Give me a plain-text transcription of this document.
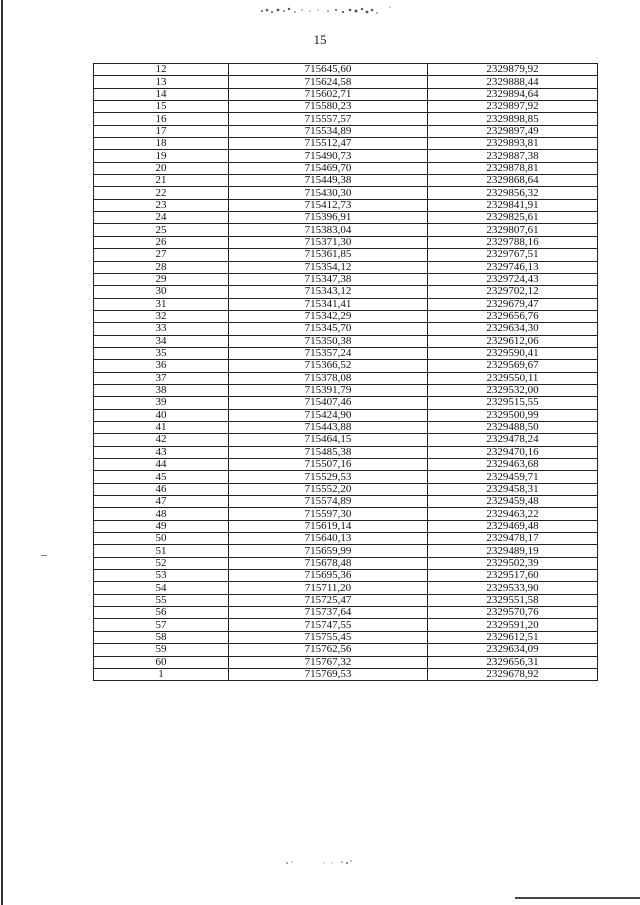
15
12	715645,60	2329879,92
13	715624,58	2329888,44
14	715602,71	2329894,64
15	715580,23	2329897,92
16	715557,57	2329898,85
17	715534,89	2329897,49
18	715512,47	2329893,81
19	715490,73	2329887,38
20	715469,70	2329878,81
21	715449,38	2329868,64
22	715430,30	2329856,32
23	715412,73	2329841,91
24	715396,91	2329825,61
25	715383,04	2329807,61
26	715371,30	2329788,16
27	715361,85	2329767,51
28	715354,12	2329746,13
29	715347,38	2329724,43
30	715343,12	2329702,12
31	715341,41	2329679,47
32	715342,29	2329656,76
33	715345,70	2329634,30
34	715350,38	2329612,06
35	715357,24	2329590,41
36	715366,52	2329569,67
37	715378,08	2329550,11
38	715391,79	2329532,00
39	715407,46	2329515,55
40	715424,90	2329500,99
41	715443,88	2329488,50
42	715464,15	2329478,24
43	715485,38	2329470,16
44	715507,16	2329463,68
45	715529,53	2329459,71
46	715552,20	2329458,31
47	715574,89	2329459,48
48	715597,30	2329463,22
49	715619,14	2329469,48
50	715640,13	2329478,17
51	715659,99	2329489,19
52	715678,48	2329502,39
53	715695,36	2329517,60
54	715711,20	2329533,90
55	715725,47	2329551,58
56	715737,64	2329570,76
57	715747,55	2329591,20
58	715755,45	2329612,51
59	715762,56	2329634,09
60	715767,32	2329656,31
1	715769,53	2329678,92
